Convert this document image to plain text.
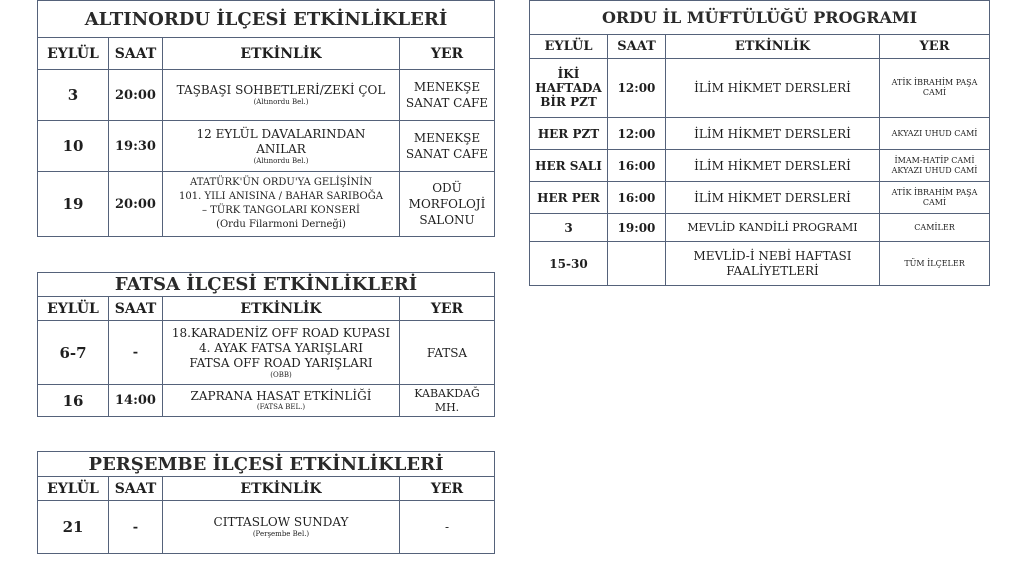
ALTINORDU İLÇESİ ETKİNLİKLERİ			
EYLÜL	SAAT	ETKİNLİK	YER
3	20:00	TAŞBAŞI SOHBETLERİ/ZEKİ ÇOL
(Altınordu Bel.)	MENEKŞE
SANAT CAFE

10	19:30	12 EYLÜL DAVALARINDAN
ANILAR
(Altınordu Bel.)	MENEKŞE
SANAT CAFE

19	20:00	ATATÜRK'ÜN ORDU'YA GELİŞİNİN
101. YILI ANISINA / BAHAR SARIBOĞA
– TÜRK TANGOLARI KONSERİ
(Ordu Filarmoni Derneği)	ODÜ
MORFOLOJİ
SALONU
FATSA İLÇESİ ETKİNLİKLERİ			
EYLÜL	SAAT	ETKİNLİK	YER
6-7	-	18.KARADENİZ OFF ROAD KUPASI
4. AYAK FATSA YARIŞLARI
FATSA OFF ROAD YARIŞLARI
(OBB)	FATSA

16	14:00	ZAPRANA HASAT ETKİNLİĞİ
(FATSA BEL.)	KABAKDAĞ
MH.
PERŞEMBE İLÇESİ ETKİNLİKLERİ			
EYLÜL	SAAT	ETKİNLİK	YER
21	-	CITTASLOW SUNDAY
(Perşembe Bel.)	-
ORDU İL MÜFTÜLÜĞÜ PROGRAMI			
EYLÜL	SAAT	ETKİNLİK	YER

İKİ
HAFTADA
BİR PZT	12:00	İLİM HİKMET DERSLERİ	ATİK İBRAHİM PAŞA
CAMİ

HER PZT	12:00	İLİM HİKMET DERSLERİ	AKYAZI UHUD CAMİ

HER SALI	16:00	İLİM HİKMET DERSLERİ	İMAM-HATİP CAMİ
AKYAZI UHUD CAMİ

HER PER	16:00	İLİM HİKMET DERSLERİ	ATİK İBRAHİM PAŞA
CAMİ

3	19:00	MEVLİD KANDİLİ PROGRAMI	CAMİLER

15-30		MEVLİD-İ NEBİ HAFTASI
FAALİYETLERİ	TÜM İLÇELER
